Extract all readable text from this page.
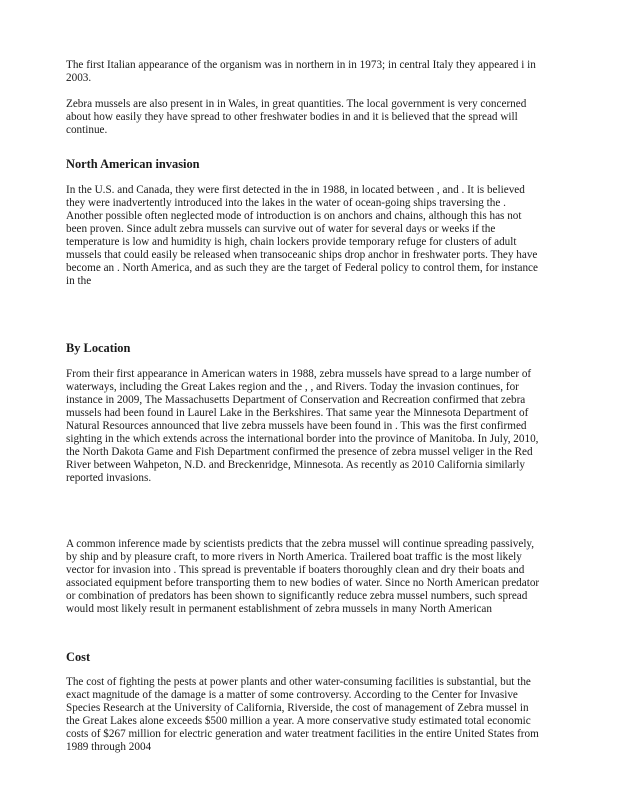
The first Italian appearance of the organism was in northern in in 1973; in central Italy they appeared i in 2003.

Zebra mussels are also present in in Wales, in great quantities. The local government is very concerned about how easily they have spread to other freshwater bodies in and it is believed that the spread will continue.

North American invasion

In the U.S. and Canada, they were first detected in the in 1988, in located between , and . It is believed they were inadvertently introduced into the lakes in the water of ocean-going ships traversing the . Another possible often neglected mode of introduction is on anchors and chains, although this has not been proven. Since adult zebra mussels can survive out of water for several days or weeks if the temperature is low and humidity is high, chain lockers provide temporary refuge for clusters of adult mussels that could easily be released when transoceanic ships drop anchor in freshwater ports. They have become an . North America, and as such they are the target of Federal policy to control them, for instance in the

By Location

From their first appearance in American waters in 1988, zebra mussels have spread to a large number of waterways, including the Great Lakes region and the , , and Rivers. Today the invasion continues, for instance in 2009, The Massachusetts Department of Conservation and Recreation confirmed that zebra mussels had been found in Laurel Lake in the Berkshires. That same year the Minnesota Department of Natural Resources announced that live zebra mussels have been found in . This was the first confirmed sighting in the which extends across the international border into the province of Manitoba. In July, 2010, the North Dakota Game and Fish Department confirmed the presence of zebra mussel veliger in the Red River between Wahpeton, N.D. and Breckenridge, Minnesota. As recently as 2010 California similarly reported invasions.

A common inference made by scientists predicts that the zebra mussel will continue spreading passively, by ship and by pleasure craft, to more rivers in North America. Trailered boat traffic is the most likely vector for invasion into . This spread is preventable if boaters thoroughly clean and dry their boats and associated equipment before transporting them to new bodies of water. Since no North American predator or combination of predators has been shown to significantly reduce zebra mussel numbers, such spread would most likely result in permanent establishment of zebra mussels in many North American

Cost

The cost of fighting the pests at power plants and other water-consuming facilities is substantial, but the exact magnitude of the damage is a matter of some controversy. According to the Center for Invasive Species Research at the University of California, Riverside, the cost of management of Zebra mussel in the Great Lakes alone exceeds $500 million a year. A more conservative study estimated total economic costs of $267 million for electric generation and water treatment facilities in the entire United States from 1989 through 2004
